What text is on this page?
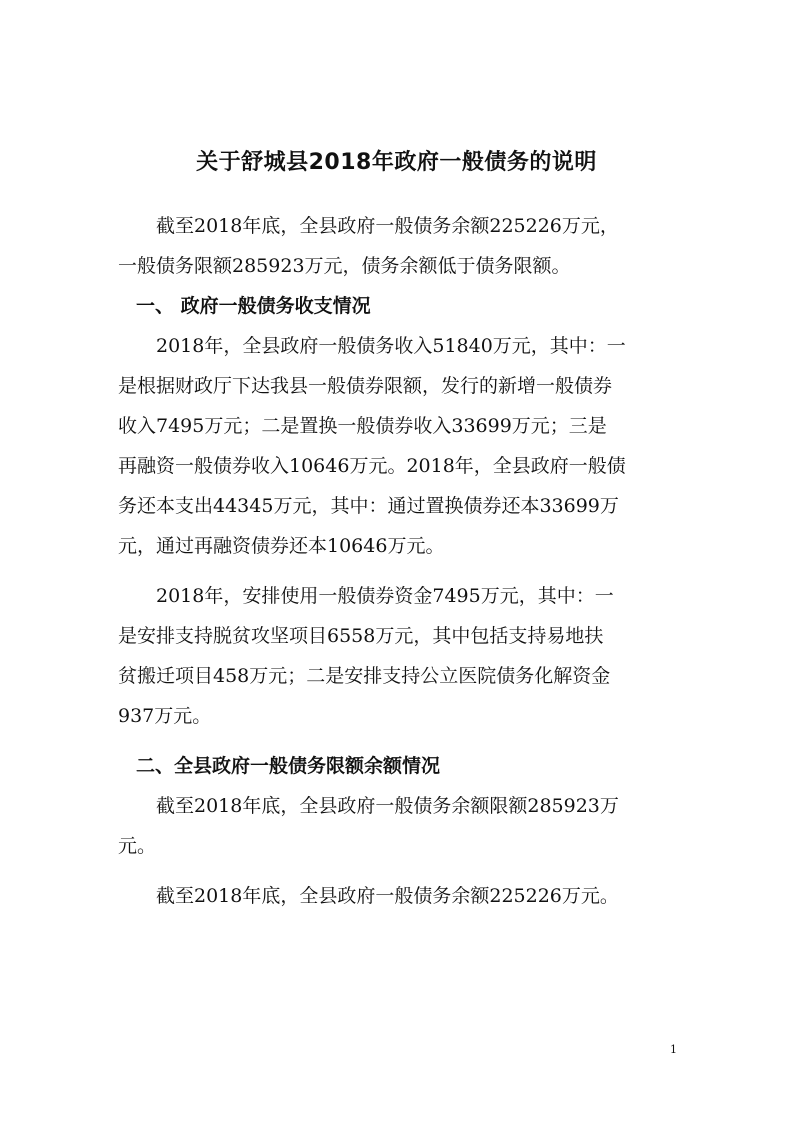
关于舒城县2018年政府一般债务的说明

截至2018年底，全县政府一般债务余额225226万元，

一般债务限额285923万元，债务余额低于债务限额。

一、 政府一般债务收支情况

2018年，全县政府一般债务收入51840万元，其中：一

是根据财政厅下达我县一般债券限额，发行的新增一般债券

收入7495万元；二是置换一般债券收入33699万元；三是

再融资一般债券收入10646万元。2018年，全县政府一般债

务还本支出44345万元，其中：通过置换债券还本33699万

元，通过再融资债券还本10646万元。

2018年，安排使用一般债券资金7495万元，其中：一

是安排支持脱贫攻坚项目6558万元，其中包括支持易地扶

贫搬迁项目458万元；二是安排支持公立医院债务化解资金

937万元。

二、全县政府一般债务限额余额情况

截至2018年底，全县政府一般债务余额限额285923万

元。

截至2018年底，全县政府一般债务余额225226万元。

1
